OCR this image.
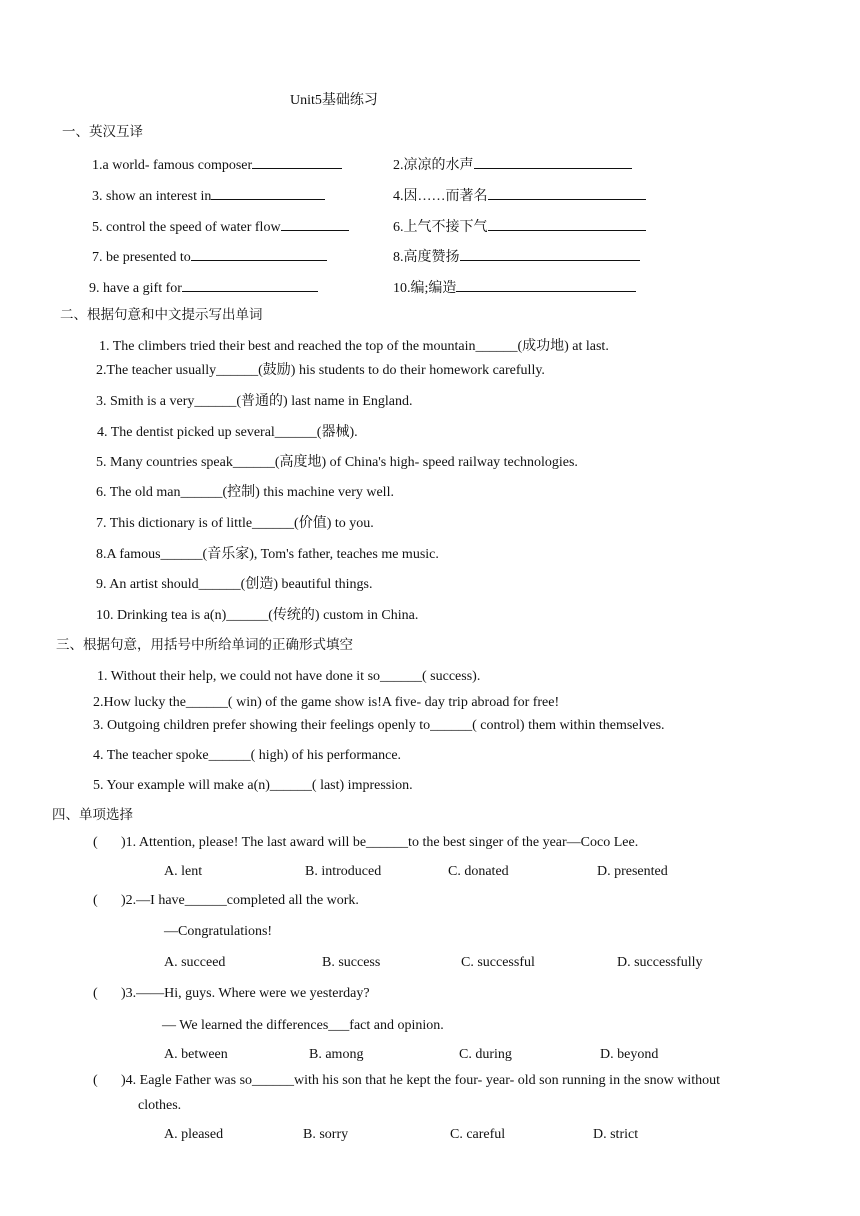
Unit5基础练习
一、英汉互译
1.a world- famous composer	2.凉凉的水声
3. show an interest in	4.因……而著名
5. control the speed of water flow	6.上气不接下气
7. be presented to	8.高度赞扬
9. have a gift for	10.编;编造
二、根据句意和中文提示写出单词
1. The climbers tried their best and reached the top of the mountain______(成功地) at last.
2.The teacher usually______(鼓励) his students to do their homework carefully.
3. Smith is a very______(普通的) last name in England.
4. The dentist picked up several______(器械).
5. Many countries speak______(高度地) of China's high- speed railway technologies.
6. The old man______(控制) this machine very well.
7. This dictionary is of little______(价值) to you.
8.A famous______(音乐家), Tom's father, teaches me music.
9. An artist should______(创造) beautiful things.
10. Drinking tea is a(n)______(传统的) custom in China.
三、根据句意，用括号中所给单词的正确形式填空
1. Without their help, we could not have done it so______( success).
2.How lucky the______( win) of the game show is!A five- day trip abroad for free!
3. Outgoing children prefer showing their feelings openly to______( control) them within themselves.
4. The teacher spoke______( high) of his performance.
5. Your example will make a(n)______( last) impression.
四、单项选择
( )1. Attention, please! The last award will be______to the best singer of the year—Coco Lee.
A. lent	B. introduced	C. donated	D. presented
( )2.—I have______completed all the work.
—Congratulations!
A. succeed	B. success	C. successful	D. successfully
( )3.——Hi, guys. Where were we yesterday?
— We learned the differences___fact and opinion.
A. between	B. among	C. during	D. beyond
( )4. Eagle Father was so______with his son that he kept the four- year- old son running in the snow without
clothes.
A. pleased	B. sorry	C. careful	D. strict
